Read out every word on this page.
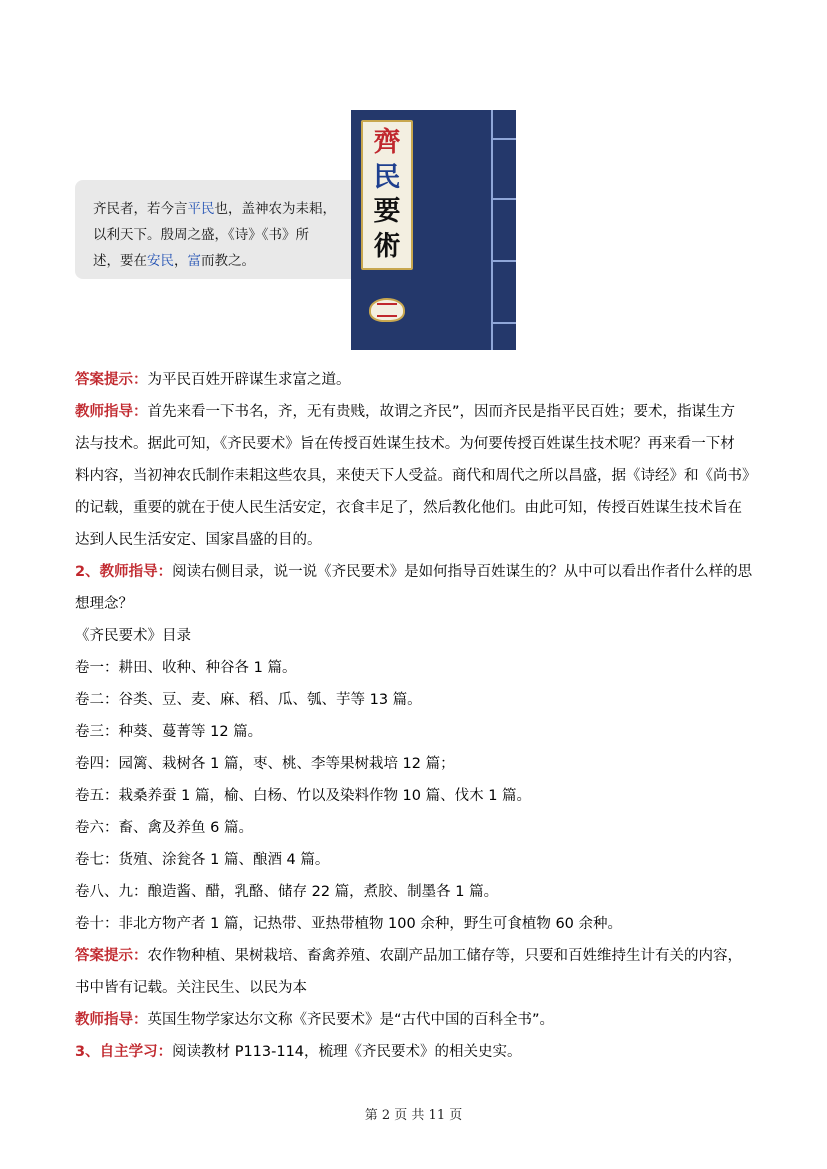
齐民者，若今言平民也，盖神农为耒耜，
以利天下。殷周之盛，《诗》《书》所
述，要在安民，富而教之。
齊
民
要
術
答案提示：为平民百姓开辟谋生求富之道。
教师指导：首先来看一下书名，齐，无有贵贱，故谓之齐民”，因而齐民是指平民百姓；要术，指谋生方
法与技术。据此可知，《齐民要术》旨在传授百姓谋生技术。为何要传授百姓谋生技术呢？再来看一下材
料内容，当初神农氏制作耒耜这些农具，来使天下人受益。商代和周代之所以昌盛，据《诗经》和《尚书》
的记载，重要的就在于使人民生活安定，衣食丰足了，然后教化他们。由此可知，传授百姓谋生技术旨在
达到人民生活安定、国家昌盛的目的。
2、教师指导：阅读右侧目录，说一说《齐民要术》是如何指导百姓谋生的？从中可以看出作者什么样的思
想理念？
《齐民要术》目录
卷一：耕田、收种、种谷各 1 篇。
卷二：谷类、豆、麦、麻、稻、瓜、瓠、芋等 13 篇。
卷三：种葵、蔓菁等 12 篇。
卷四：园篱、栽树各 1 篇，枣、桃、李等果树栽培 12 篇；
卷五：栽桑养蚕 1 篇，榆、白杨、竹以及染料作物 10 篇、伐木 1 篇。
卷六：畜、禽及养鱼 6 篇。
卷七：货殖、涂瓮各 1 篇、酿酒 4 篇。
卷八、九：酿造酱、醋，乳酪、储存 22 篇，煮胶、制墨各 1 篇。
卷十：非北方物产者 1 篇，记热带、亚热带植物 100 余种，野生可食植物 60 余种。
答案提示：农作物种植、果树栽培、畜禽养殖、农副产品加工储存等，只要和百姓维持生计有关的内容，
书中皆有记载。关注民生、以民为本
教师指导：英国生物学家达尔文称《齐民要术》是“古代中国的百科全书”。
3、自主学习：阅读教材 P113-114，梳理《齐民要术》的相关史实。
第 2 页 共 11 页
